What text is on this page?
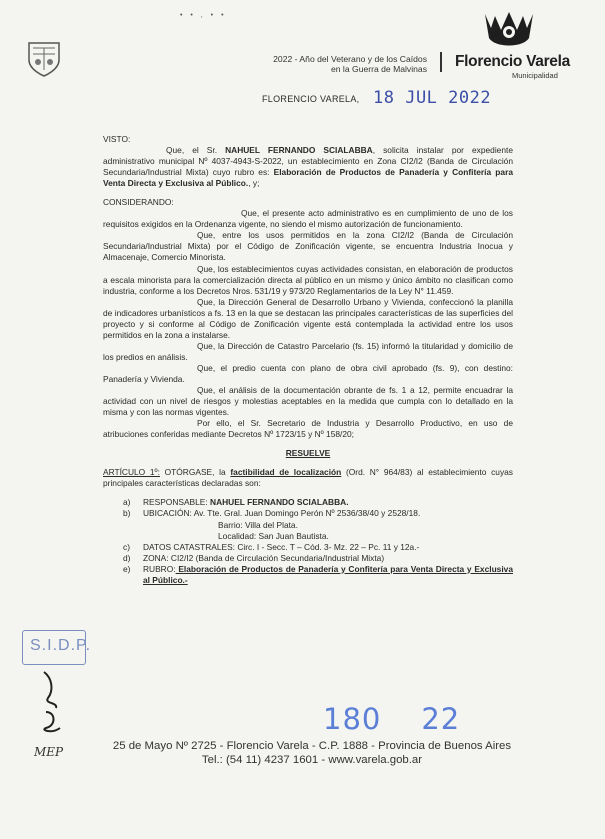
• • , • •
2022 - Año del Veterano y de los Caídos
en la Guerra de Malvinas Florencio Varela
Municipalidad
FLORENCIO VARELA, 18 JUL 2022

VISTO:

Que, el Sr. NAHUEL FERNANDO SCIALABBA, solicita instalar por expediente administrativo municipal Nº 4037-4943-S-2022, un establecimiento en Zona CI2/I2 (Banda de Circulación Secundaria/Industrial Mixta) cuyo rubro es: Elaboración de Productos de Panadería y Confitería para Venta Directa y Exclusiva al Público., y;

CONSIDERANDO:

Que, el presente acto administrativo es en cumplimiento de uno de los requisitos exigidos en la Ordenanza vigente, no siendo el mismo autorización de funcionamiento.

Que, entre los usos permitidos en la zona CI2/I2 (Banda de Circulación Secundaria/Industrial Mixta) por el Código de Zonificación vigente, se encuentra Industria Inocua y Almacenaje, Comercio Minorista.

Que, los establecimientos cuyas actividades consistan, en elaboración de productos a escala minorista para la comercialización directa al público en un mismo y único ámbito no clasifican como industria, conforme a los Decretos Nros. 531/19 y 973/20 Reglamentarios de la Ley N° 11.459.

Que, la Dirección General de Desarrollo Urbano y Vivienda, confeccionó la planilla de indicadores urbanísticos a fs. 13 en la que se destacan las principales características de las superficies del proyecto y si conforme al Código de Zonificación vigente está contemplada la actividad entre los usos permitidos en la zona a instalarse.

Que, la Dirección de Catastro Parcelario (fs. 15) informó la titularidad y domicilio de los predios en análisis.

Que, el predio cuenta con plano de obra civil aprobado (fs. 9), con destino: Panadería y Vivienda.

Que, el análisis de la documentación obrante de fs. 1 a 12, permite encuadrar la actividad con un nivel de riesgos y molestias aceptables en la medida que cumpla con lo detallado en la misma y con las normas vigentes.

Por ello, el Sr. Secretario de Industria y Desarrollo Productivo, en uso de atribuciones conferidas mediante Decretos Nº 1723/15 y Nº 158/20;

RESUELVE

ARTÍCULO 1º: OTÓRGASE, la factibilidad de localización (Ord. N° 964/83) al establecimiento cuyas principales características declaradas son:

a)	RESPONSABLE: NAHUEL FERNANDO SCIALABBA.
b)	UBICACIÓN: Av. Tte. Gral. Juan Domingo Perón Nº 2536/38/40 y 2528/18.
Barrio: Villa del Plata.
Localidad: San Juan Bautista.
c)	DATOS CATASTRALES: Circ. I - Secc. T – Cód. 3- Mz. 22 – Pc. 11 y 12a.-
d)	ZONA: CI2/I2 (Banda de Circulación Secundaria/Industrial Mixta)
e)	RUBRO: Elaboración de Productos de Panadería y Confitería para Venta Directa y Exclusiva al Público.-
S.I.D.P.
MEP
180 22
25 de Mayo Nº 2725 - Florencio Varela - C.P. 1888 - Provincia de Buenos Aires
Tel.: (54 11) 4237 1601 - www.varela.gob.ar
